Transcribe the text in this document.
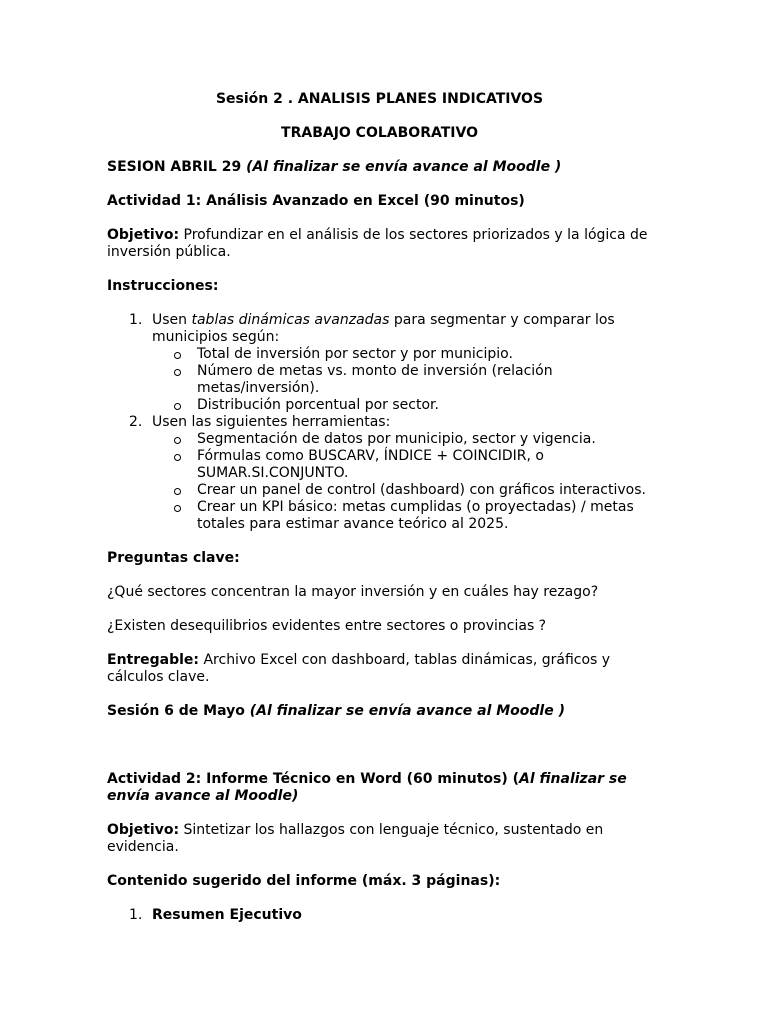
Sesión 2 . ANALISIS PLANES INDICATIVOS

TRABAJO COLABORATIVO

SESION ABRIL 29 (Al finalizar se envía avance al Moodle )

Actividad 1: Análisis Avanzado en Excel (90 minutos)

Objetivo: Profundizar en el análisis de los sectores priorizados y la lógica de inversión pública.

Instrucciones:

1. Usen tablas dinámicas avanzadas para segmentar y comparar los municipios según:
Total de inversión por sector y por municipio.
Número de metas vs. monto de inversión (relación metas/inversión).
Distribución porcentual por sector.
2. Usen las siguientes herramientas:
Segmentación de datos por municipio, sector y vigencia.
Fórmulas como BUSCARV, ÍNDICE + COINCIDIR, o SUMAR.SI.CONJUNTO.
Crear un panel de control (dashboard) con gráficos interactivos.
Crear un KPI básico: metas cumplidas (o proyectadas) / metas totales para estimar avance teórico al 2025.

Preguntas clave:

¿Qué sectores concentran la mayor inversión y en cuáles hay rezago?

¿Existen desequilibrios evidentes entre sectores o provincias ?

Entregable: Archivo Excel con dashboard, tablas dinámicas, gráficos y cálculos clave.

Sesión 6 de Mayo (Al finalizar se envía avance al Moodle )

Actividad 2: Informe Técnico en Word (60 minutos) (Al finalizar se envía avance al Moodle)

Objetivo: Sintetizar los hallazgos con lenguaje técnico, sustentado en evidencia.

Contenido sugerido del informe (máx. 3 páginas):

1. Resumen Ejecutivo
